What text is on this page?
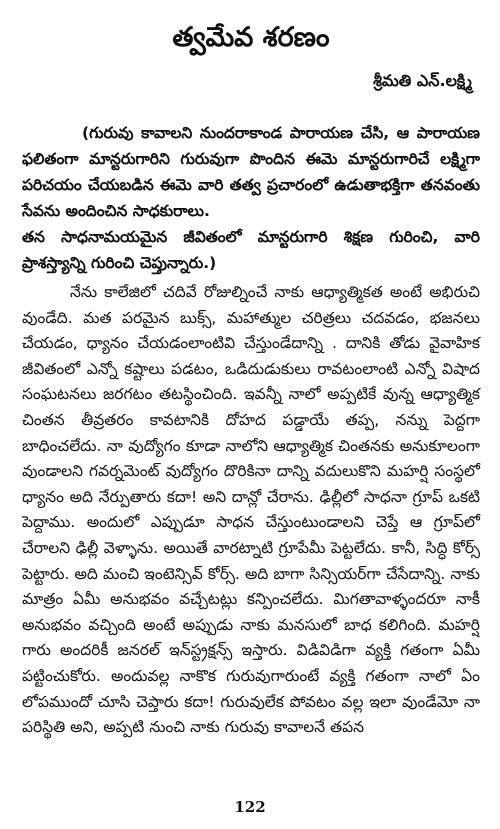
త్వమేవ శరణం
శ్రీమతి ఎన్.లక్ష్మి

(గురువు కావాలని నుందరాకాండ పారాయణ చేసి, ఆ పారాయణ ఫలితంగా మాన్టరుగారిని గురువుగా పొందిన ఈమె మాన్టరుగారిచే లక్ష్మిగా పరిచయం చేయబడిన ఈమె వారి తత్వ ప్రచారంలో ఉడుతాభక్తిగా తనవంతు సేవను అందించిన సాధకురాలు.

తన సాధనామయమైన జీవితంలో మాన్టరుగారి శిక్షణ గురించి, వారి ప్రాశస్త్యాన్ని గురించి చెప్తున్నారు.)

నేను కాలేజిలో చదివే రోజుల్నించే నాకు ఆధ్యాత్మికత అంటే అభిరుచి వుండేది. మత పరమైన బుక్స్, మహాత్ముల చరిత్రలు చదవడం, భజనలు చేయడం, ధ్యానం చేయడంలాంటివి చేస్తుండేదాన్ని . దానికి తోడు వైవాహిక జీవితంలో ఎన్నో కష్టాలు పడటం, ఒడిదుడుకులు రావటంలాంటి ఎన్నో విషాద సంఘటనలు జరగటం తటస్థించింది. ఇవన్నీ నాలో అప్పటికే వున్న ఆధ్యాత్మిక చింతన తీవ్రతరం కావటానికి దోహద పడ్డాయే తప్ప, నన్ను పెద్దగా బాధించలేదు. నా వుద్యోగం కూడా నాలోని ఆధ్యాత్మిక చింతనకు అనుకూలంగా వుండాలని గవర్నమెంట్ వుద్యోగం దొరికినా దాన్ని వదులుకొని మహర్షి సంస్థలో ధ్యానం అది నేర్పుతారు కదా! అని దాన్లో చేరాను. ఢిల్లీలో సాధనా గ్రూప్ ఒకటి పెద్దాము. అందులో ఎప్పుడూ సాధన చేస్తుంటుండాలని చెప్తే ఆ గ్రూప్‌లో చేరాలని ఢిల్లీ వెళ్ళాను. అయితే వారట్నాటి గ్రూపేమీ పెట్టలేదు. కానీ, సిద్ధి కోర్స్ పెట్టారు. అది మంచి ఇంటెన్సివ్ కోర్స్. అది బాగా సిన్సియర్‌గా చేసేదాన్ని. నాకు మాత్రం ఏమీ అనుభవం వచ్చేటట్లు కన్పించలేదు. మిగతావాళ్ళందరూ నాకీ అనుభవం వచ్చింది అంటే అప్పుడు నాకు మనసులో బాధ కలిగింది. మహర్షి గారు అందరికీ జనరల్ ఇన్‌స్ట్రక్షన్స్ ఇస్తారు. విడివిడిగా వ్యక్తి గతంగా ఏమీ పట్టించుకోరు. అందువల్ల నాకొక గురువుగారుంటే వ్యక్తి గతంగా నాలో ఏం లోపముందో చూసి చెప్తారు కదా! గురువులేక పోవటం వల్ల ఇలా వుండేమో నా పరిస్థితి అని, అప్పటి నుంచి నాకు గురువు కావాలనే తపన

122
